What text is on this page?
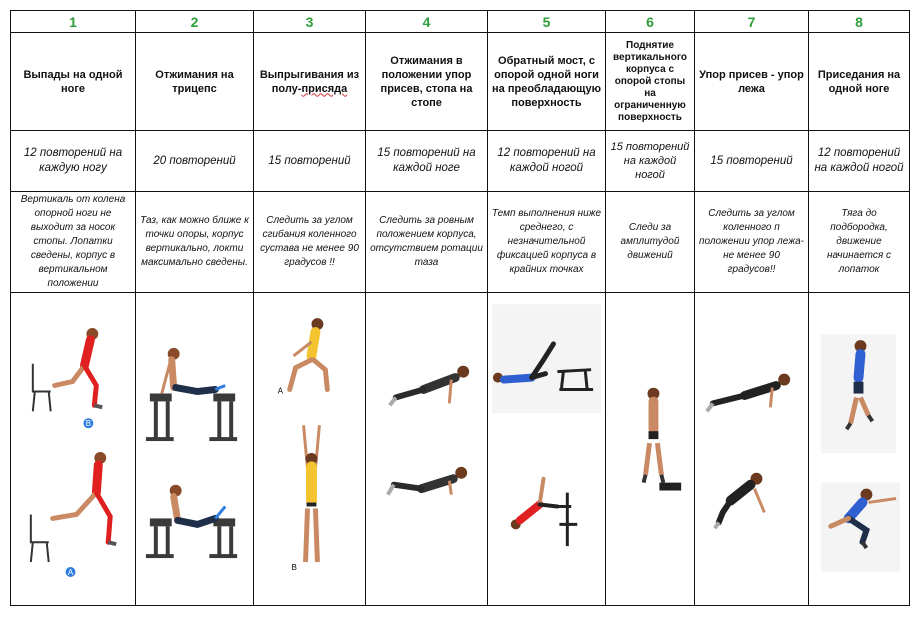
1	2	3	4	5	6	7	8
Выпады на одной ноге	Отжимания на трицепс	Выпрыгивания из полу-присяда	Отжимания в положении упор присев, стопа на стопе	Обратный мост, с опорой одной ноги на преобладающую поверхность	Поднятие вертикального корпуса с опорой стопы на ограниченную поверхность	Упор присев - упор лежа	Приседания на одной ноге
12 повторений на каждую ногу	20 повторений	15 повторений	15 повторений на каждой ноге	12 повторений на каждой ногой	15 повторений на каждой ногой	15 повторений	12 повторений на каждой ногой
Вертикаль от колена опорной ноги не выходит за носок стопы. Лопатки сведены, корпус в вертикальном положении	Таз, как можно ближе к точки опоры, корпус вертикально, локти максимально сведены.	Следить за углом сгибания коленного сустава не менее 90 градусов !!	Следить за ровным положением корпуса, отсутствием ротации таза	Темп выполнения ниже среднего, с незначительной фиксацией корпуса в крайних точках	Следи за амплитудой движений	Следить за углом коленного п положении упор лежа- не менее 90 градусов!!	Тяга до подбородка, движение начинается с лопаток

B
A		A
B
